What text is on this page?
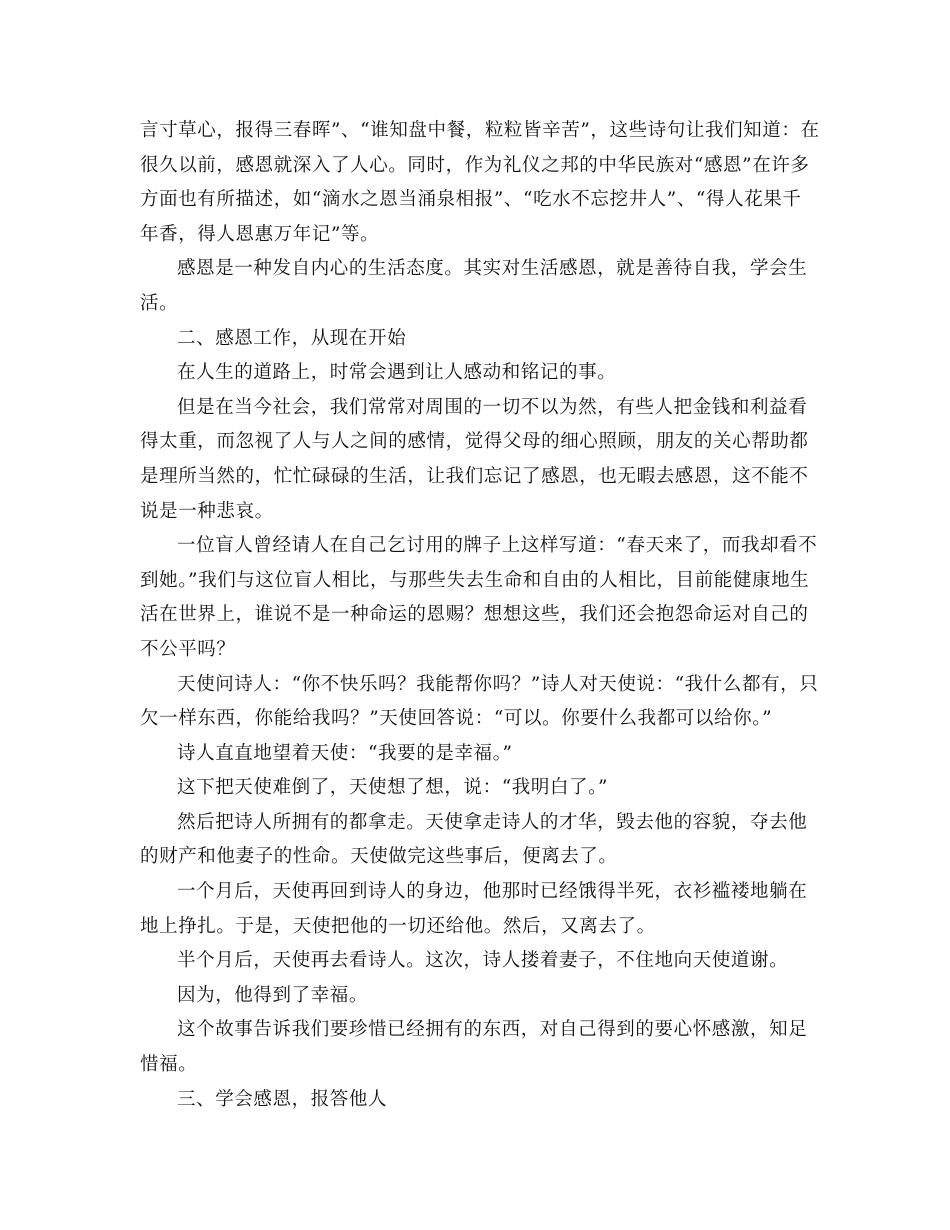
言寸草心，报得三春晖”、“谁知盘中餐，粒粒皆辛苦”，这些诗句让我们知道：在很久以前，感恩就深入了人心。同时，作为礼仪之邦的中华民族对“感恩”在许多方面也有所描述，如“滴水之恩当涌泉相报”、“吃水不忘挖井人”、“得人花果千年香，得人恩惠万年记”等。

感恩是一种发自内心的生活态度。其实对生活感恩，就是善待自我，学会生活。

二、感恩工作，从现在开始

在人生的道路上，时常会遇到让人感动和铭记的事。

但是在当今社会，我们常常对周围的一切不以为然，有些人把金钱和利益看得太重，而忽视了人与人之间的感情，觉得父母的细心照顾，朋友的关心帮助都是理所当然的，忙忙碌碌的生活，让我们忘记了感恩，也无暇去感恩，这不能不说是一种悲哀。

一位盲人曾经请人在自己乞讨用的牌子上这样写道：“春天来了，而我却看不到她。”我们与这位盲人相比，与那些失去生命和自由的人相比，目前能健康地生活在世界上，谁说不是一种命运的恩赐？想想这些，我们还会抱怨命运对自己的不公平吗？

天使问诗人：“你不快乐吗？我能帮你吗？”诗人对天使说：“我什么都有，只欠一样东西，你能给我吗？”天使回答说：“可以。你要什么我都可以给你。”

诗人直直地望着天使：“我要的是幸福。”

这下把天使难倒了，天使想了想，说：“我明白了。”

然后把诗人所拥有的都拿走。天使拿走诗人的才华，毁去他的容貌，夺去他的财产和他妻子的性命。天使做完这些事后，便离去了。

一个月后，天使再回到诗人的身边，他那时已经饿得半死，衣衫褴褛地躺在地上挣扎。于是，天使把他的一切还给他。然后，又离去了。

半个月后，天使再去看诗人。这次，诗人搂着妻子，不住地向天使道谢。

因为，他得到了幸福。

这个故事告诉我们要珍惜已经拥有的东西，对自己得到的要心怀感激，知足惜福。

三、学会感恩，报答他人
